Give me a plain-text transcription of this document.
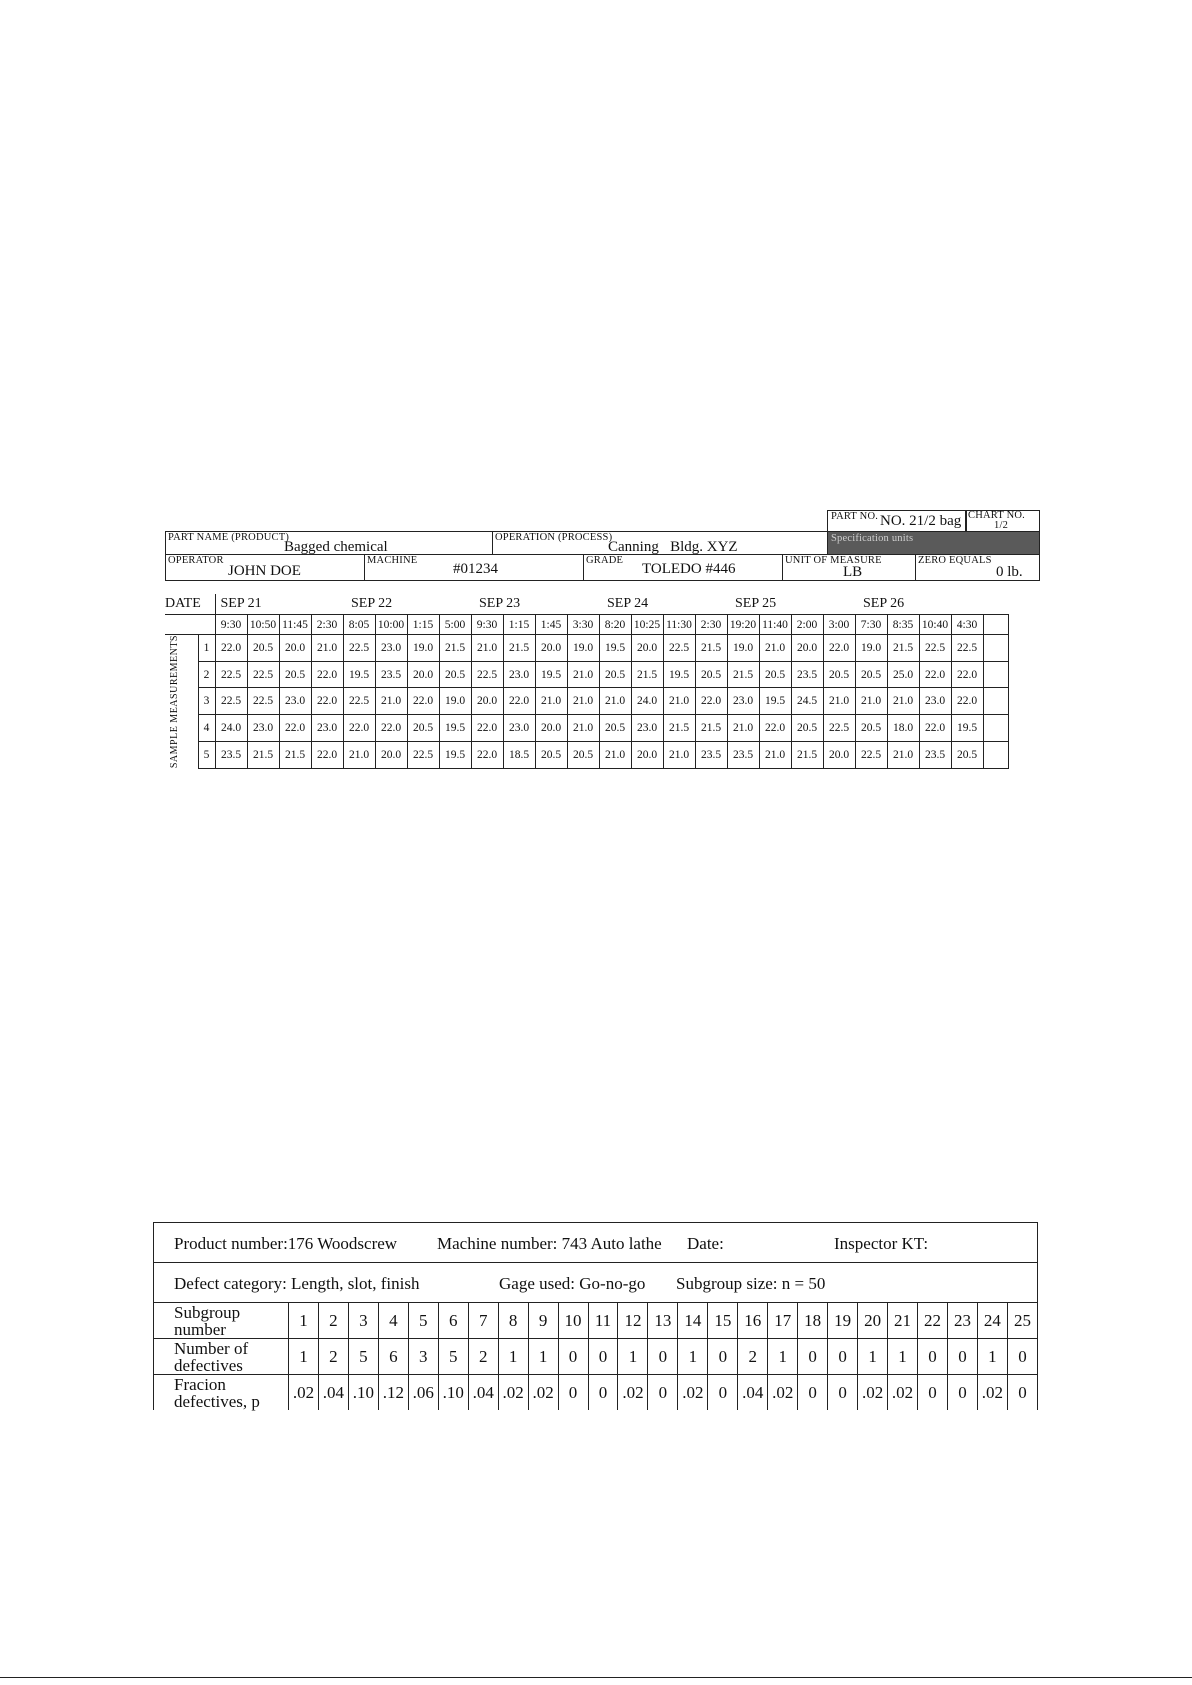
PART NO. NO. 21/2 bag CHART NO.
1/2
Specification units
PART NAME (PRODUCT)
Bagged chemical
OPERATION (PROCESS)
Canning   Bldg. XYZ
OPERATOR
JOHN DOE
MACHINE
#01234
GRADE
TOLEDO #446
UNIT OF MEASURE
LB
ZERO EQUALS
0 lb.
DATE		SEP 21				SEP 22				SEP 23				SEP 24				SEP 25				SEP 26				
		9:30	10:50	11:45	2:30	8:05	10:00	1:15	5:00	9:30	1:15	1:45	3:30	8:20	10:25	11:30	2:30	19:20	11:40	2:00	3:00	7:30	8:35	10:40	4:30	

SAMPLE MEASUREMENTS	1	22.0	20.5	20.0	21.0	22.5	23.0	19.0	21.5	21.0	21.5	20.0	19.0	19.5	20.0	22.5	21.5	19.0	21.0	20.0	22.0	19.0	21.5	22.5	22.5	
	2	22.5	22.5	20.5	22.0	19.5	23.5	20.0	20.5	22.5	23.0	19.5	21.0	20.5	21.5	19.5	20.5	21.5	20.5	23.5	20.5	20.5	25.0	22.0	22.0	
	3	22.5	22.5	23.0	22.0	22.5	21.0	22.0	19.0	20.0	22.0	21.0	21.0	21.0	24.0	21.0	22.0	23.0	19.5	24.5	21.0	21.0	21.0	23.0	22.0	
	4	24.0	23.0	22.0	23.0	22.0	22.0	20.5	19.5	22.0	23.0	20.0	21.0	20.5	23.0	21.5	21.5	21.0	22.0	20.5	22.5	20.5	18.0	22.0	19.5	
	5	23.5	21.5	21.5	22.0	21.0	20.0	22.5	19.5	22.0	18.5	20.5	20.5	21.0	20.0	21.0	23.5	23.5	21.0	21.5	20.0	22.5	21.0	23.5	20.5	
Product number:176 Woodscrew Machine number: 743 Auto lathe Date:	Inspector KT:
Defect category: Length, slot, finish	Gage used: Go-no-go Subgroup size: n = 50
Subgroup
number	1	2	3	4	5	6	7	8	9	10	11	12	13	14	15	16	17	18	19	20	21	22	23	24	25

Number of
defectives	1	2	5	6	3	5	2	1	1	0	0	1	0	1	0	2	1	0	0	1	1	0	0	1	0

Fracion
defectives, p	.02	.04	.10	.12	.06	.10	.04	.02	.02	0	0	.02	0	.02	0	.04	.02	0	0	.02	.02	0	0	.02	0
